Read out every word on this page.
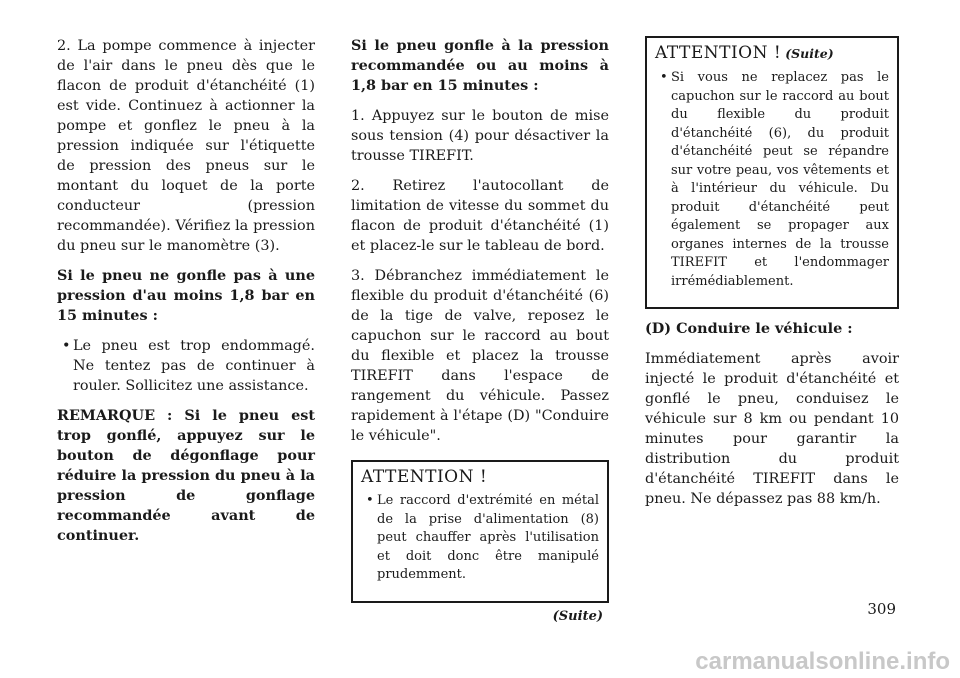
2. La pompe commence à injecter de l'air dans le pneu dès que le flacon de produit d'étanchéité (1) est vide. Continuez à actionner la pompe et gonflez le pneu à la pression indiquée sur l'étiquette de pression des pneus sur le montant du loquet de la porte conducteur (pression recommandée). Vérifiez la pression du pneu sur le manomètre (3).

Si le pneu ne gonfle pas à une pression d'au moins 1,8 bar en 15 minutes :

• Le pneu est trop endommagé. Ne tentez pas de continuer à rouler. Sollicitez une assistance.

REMARQUE : Si le pneu est trop gonflé, appuyez sur le bouton de dégonflage pour réduire la pression du pneu à la pression de gonflage recommandée avant de continuer.

Si le pneu gonfle à la pression recommandée ou au moins à 1,8 bar en 15 minutes :

1. Appuyez sur le bouton de mise sous tension (4) pour désactiver la trousse TIREFIT.

2. Retirez l'autocollant de limitation de vitesse du sommet du flacon de produit d'étanchéité (1) et placez-le sur le tableau de bord.

3. Débranchez immédiatement le flexible du produit d'étanchéité (6) de la tige de valve, reposez le capuchon sur le raccord au bout du flexible et placez la trousse TIREFIT dans l'espace de rangement du véhicule. Passez rapidement à l'étape (D) "Conduire le véhicule".

ATTENTION !
• Le raccord d'extrémité en métal de la prise d'alimentation (8) peut chauffer après l'utilisation et doit donc être manipulé prudemment.

(Suite)

ATTENTION ! (Suite)
• Si vous ne replacez pas le capuchon sur le raccord au bout du flexible du produit d'étanchéité (6), du produit d'étanchéité peut se répandre sur votre peau, vos vêtements et à l'intérieur du véhicule. Du produit d'étanchéité peut également se propager aux organes internes de la trousse TIREFIT et l'endommager irrémédiablement.

(D) Conduire le véhicule :

Immédiatement après avoir injecté le produit d'étanchéité et gonflé le pneu, conduisez le véhicule sur 8 km ou pendant 10 minutes pour garantir la distribution du produit d'étanchéité TIREFIT dans le pneu. Ne dépassez pas 88 km/h.

309
carmanualsonline.info
